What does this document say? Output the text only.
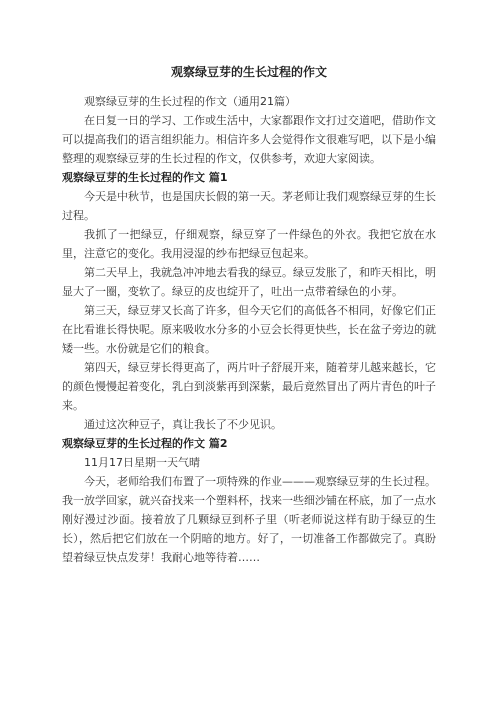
观察绿豆芽的生长过程的作文

观察绿豆芽的生长过程的作文（通用21篇）

在日复一日的学习、工作或生活中，大家都跟作文打过交道吧，借助作文可以提高我们的语言组织能力。相信许多人会觉得作文很难写吧，以下是小编整理的观察绿豆芽的生长过程的作文，仅供参考，欢迎大家阅读。

观察绿豆芽的生长过程的作文 篇1

今天是中秋节，也是国庆长假的第一天。茅老师让我们观察绿豆芽的生长过程。

我抓了一把绿豆，仔细观察，绿豆穿了一件绿色的外衣。我把它放在水里，注意它的变化。我用浸湿的纱布把绿豆包起来。

第二天早上，我就急冲冲地去看我的绿豆。绿豆发胀了，和昨天相比，明显大了一圈，变软了。绿豆的皮也绽开了，吐出一点带着绿色的小芽。

第三天，绿豆芽又长高了许多，但今天它们的高低各不相同，好像它们正在比看谁长得快呢。原来吸收水分多的小豆会长得更快些，长在盆子旁边的就矮一些。水份就是它们的粮食。

第四天，绿豆芽长得更高了，两片叶子舒展开来，随着芽儿越来越长，它的颜色慢慢起着变化，乳白到淡紫再到深紫，最后竟然冒出了两片青色的叶子来。

通过这次种豆子，真让我长了不少见识。

观察绿豆芽的生长过程的作文 篇2

11月17日星期一天气晴

今天，老师给我们布置了一项特殊的作业———观察绿豆芽的生长过程。我一放学回家，就兴奋找来一个塑料杯，找来一些细沙铺在杯底，加了一点水刚好漫过沙面。接着放了几颗绿豆到杯子里（听老师说这样有助于绿豆的生长），然后把它们放在一个阴暗的地方。好了，一切准备工作都做完了。真盼望着绿豆快点发芽！我耐心地等待着……
